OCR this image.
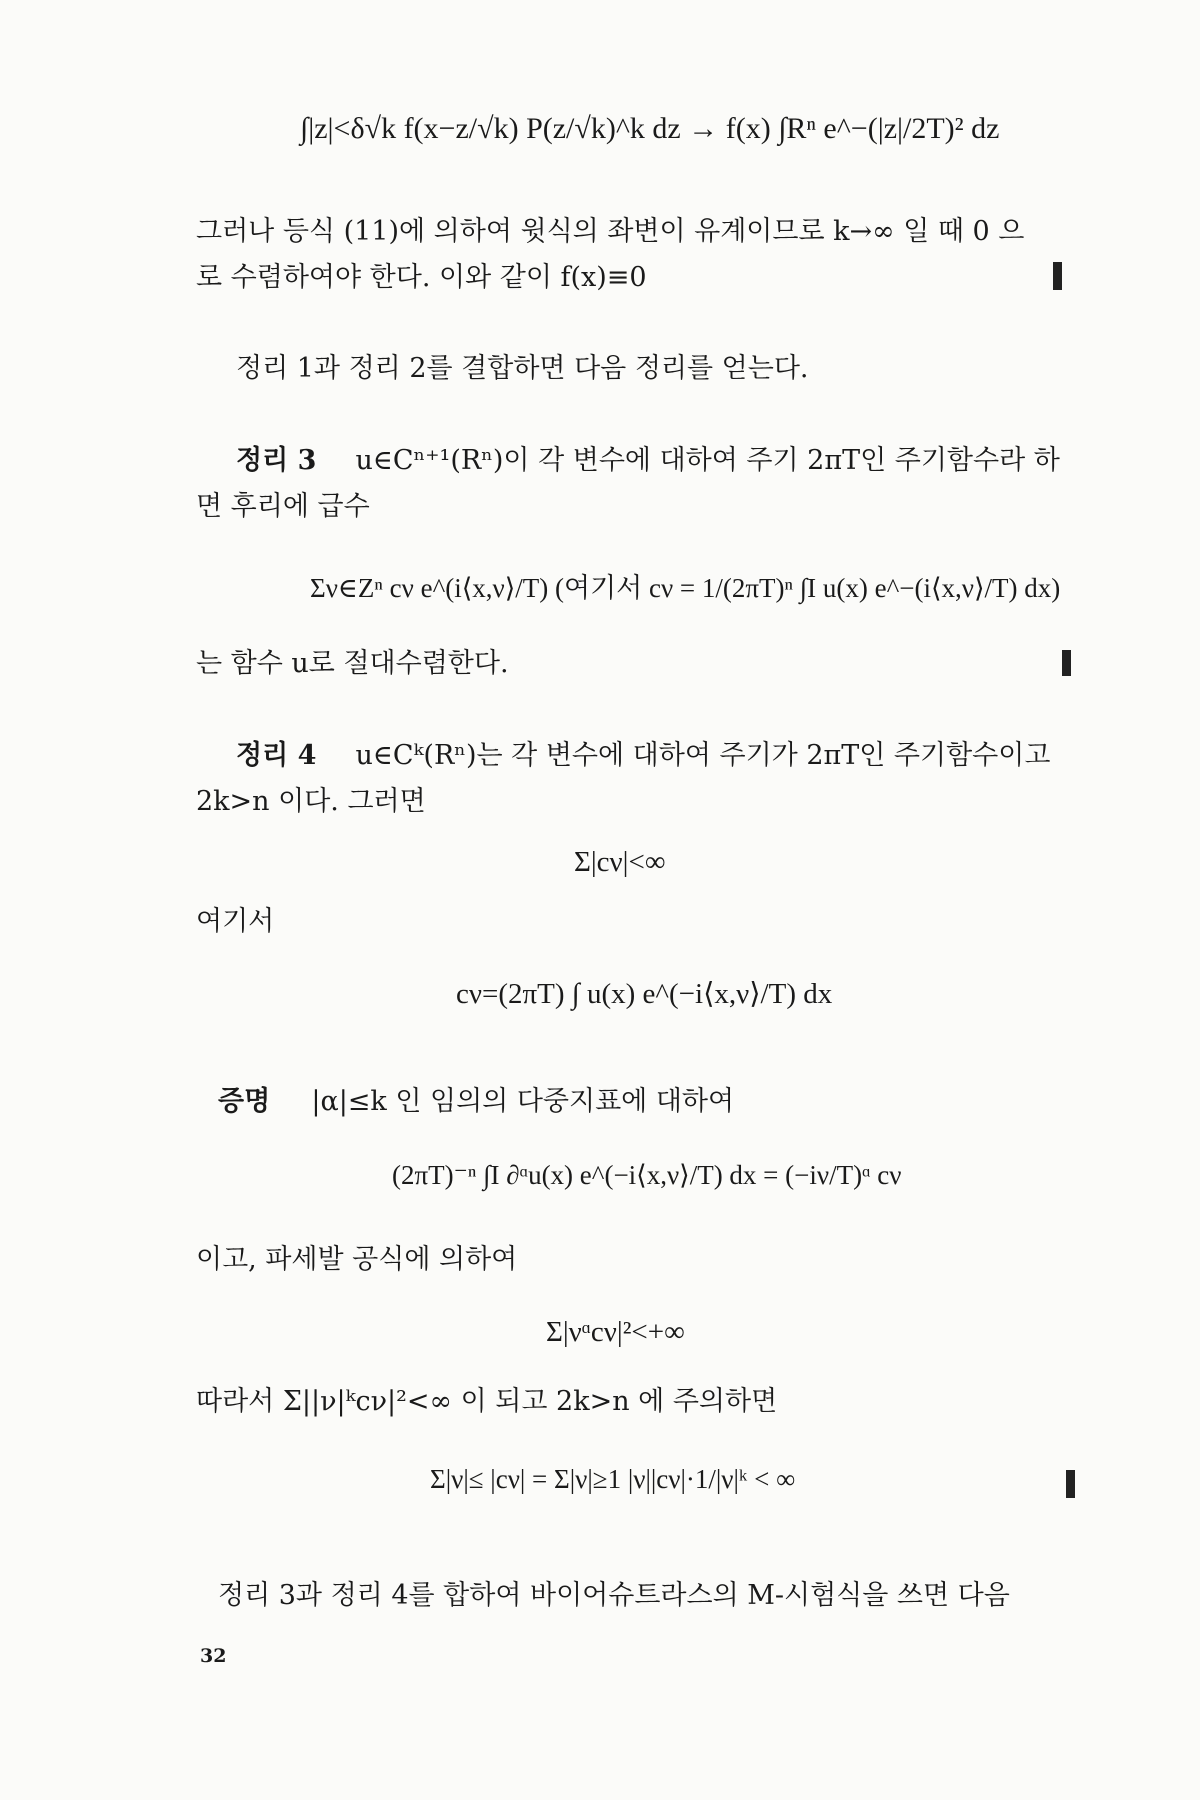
∫|z|<δ√k f(x−z/√k) P(z/√k)^k dz → f(x) ∫Rⁿ e^−(|z|/2T)² dz
그러나 등식 (11)에 의하여 윗식의 좌변이 유계이므로 k→∞ 일 때 0 으
로 수렴하여야 한다. 이와 같이 f(x)≡0
정리 1과 정리 2를 결합하면 다음 정리를 얻는다.
정리 3 u∈Cⁿ⁺¹(Rⁿ)이 각 변수에 대하여 주기 2πT인 주기함수라 하
면 후리에 급수
Σν∈Zⁿ cν e^(i⟨x,ν⟩/T) (여기서 cν = 1/(2πT)ⁿ ∫I u(x) e^−(i⟨x,ν⟩/T) dx)
는 함수 u로 절대수렴한다.
정리 4 u∈Cᵏ(Rⁿ)는 각 변수에 대하여 주기가 2πT인 주기함수이고
2k>n 이다. 그러면
Σ|cν|<∞
여기서
cν=(2πT) ∫ u(x) e^(−i⟨x,ν⟩/T) dx
증명 |α|≤k 인 임의의 다중지표에 대하여
(2πT)⁻ⁿ ∫I ∂ᵅu(x) e^(−i⟨x,ν⟩/T) dx = (−iν/T)ᵅ cν
이고, 파세발 공식에 의하여
Σ|νᵅcν|²<+∞
따라서 Σ||ν|ᵏcν|²<∞ 이 되고 2k>n 에 주의하면
Σ|ν|≤ |cν| = Σ|ν|≥1 |ν||cν|·1/|ν|ᵏ < ∞
정리 3과 정리 4를 합하여 바이어슈트라스의 M-시험식을 쓰면 다음
32
